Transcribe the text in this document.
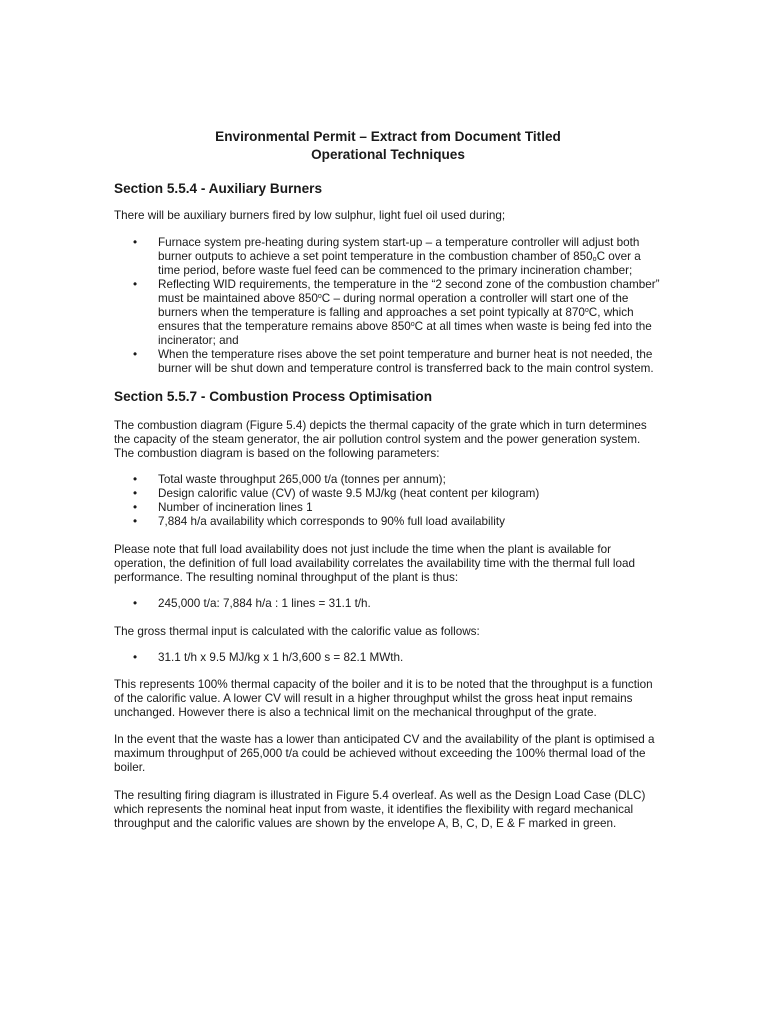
Environmental Permit – Extract from Document Titled

Operational Techniques

Section 5.5.4 - Auxiliary Burners

There will be auxiliary burners fired by low sulphur, light fuel oil used during;

• Furnace system pre-heating during system start-up – a temperature controller will adjust both burner outputs to achieve a set point temperature in the combustion chamber of $850_oC$ over a time period, before waste fuel feed can be commenced to the primary incineration chamber;
• Reflecting WID requirements, the temperature in the “2 second zone of the combustion chamber” must be maintained above 850$^o$C – during normal operation a controller will start one of the burners when the temperature is falling and approaches a set point typically at 870$^o$C, which ensures that the temperature remains above 850$^o$C at all times when waste is being fed into the incinerator; and
• When the temperature rises above the set point temperature and burner heat is not needed, the burner will be shut down and temperature control is transferred back to the main control system.
Section 5.5.7 - Combustion Process Optimisation

The combustion diagram (Figure 5.4) depicts the thermal capacity of the grate which in turn determines the capacity of the steam generator, the air pollution control system and the power generation system. The combustion diagram is based on the following parameters:

• Total waste throughput 265,000 t/a (tonnes per annum);
• Design calorific value (CV) of waste 9.5 MJ/kg (heat content per kilogram)
• Number of incineration lines 1
• 7,884 h/a availability which corresponds to 90% full load availability

Please note that full load availability does not just include the time when the plant is available for operation, the definition of full load availability correlates the availability time with the thermal full load performance. The resulting nominal throughput of the plant is thus:

• 245,000 t/a: 7,884 h/a : 1 lines = 31.1 t/h.

The gross thermal input is calculated with the calorific value as follows:

• 31.1 t/h x 9.5 MJ/kg x 1 h/3,600 s = 82.1 MWth.

This represents 100% thermal capacity of the boiler and it is to be noted that the throughput is a function of the calorific value. A lower CV will result in a higher throughput whilst the gross heat input remains unchanged. However there is also a technical limit on the mechanical throughput of the grate.

In the event that the waste has a lower than anticipated CV and the availability of the plant is optimised a maximum throughput of 265,000 t/a could be achieved without exceeding the 100% thermal load of the boiler.

The resulting firing diagram is illustrated in Figure 5.4 overleaf. As well as the Design Load Case (DLC) which represents the nominal heat input from waste, it identifies the flexibility with regard mechanical throughput and the calorific values are shown by the envelope A, B, C, D, E & F marked in green.
